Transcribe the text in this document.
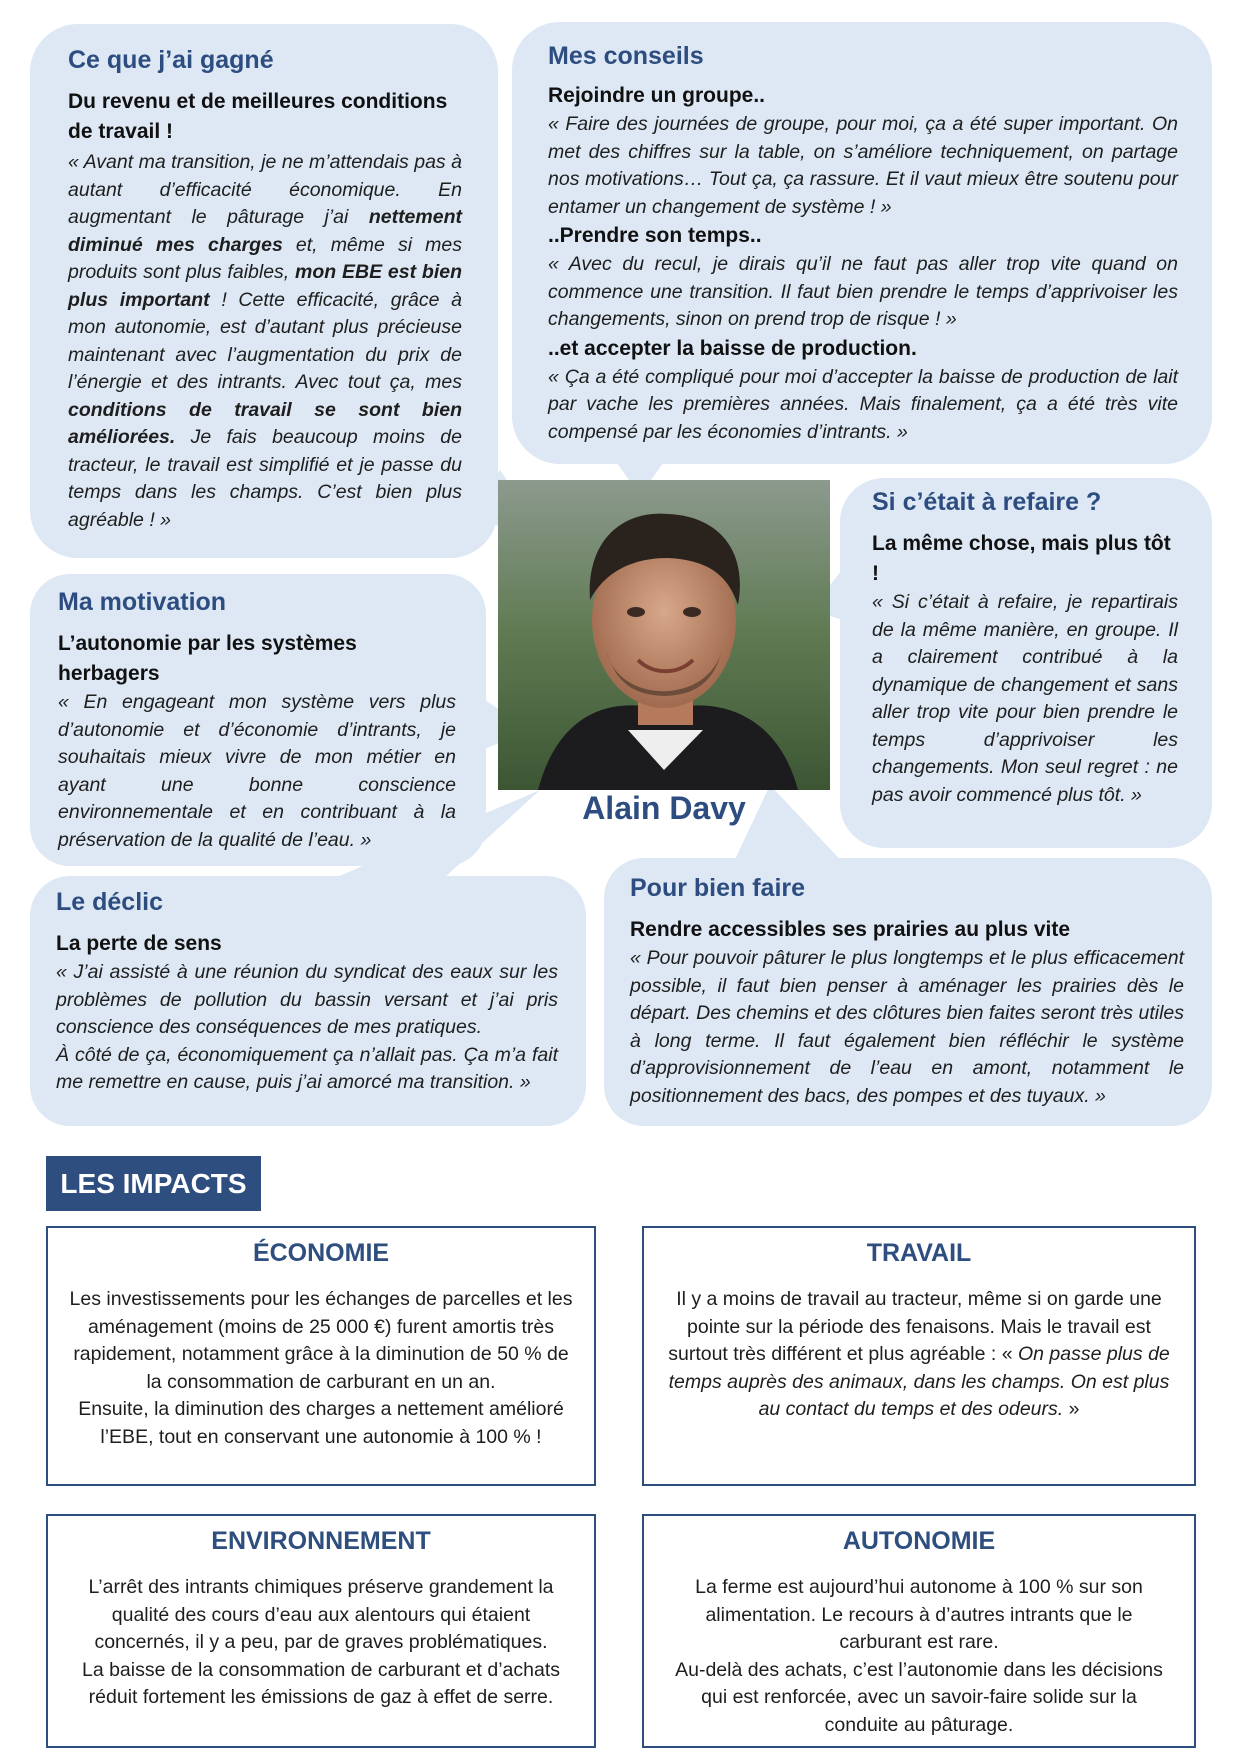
Ce que j’ai gagné
Du revenu et de meilleures conditions de travail !

« Avant ma transition, je ne m’attendais pas à autant d’efficacité économique. En augmentant le pâturage j’ai nettement diminué mes charges et, même si mes produits sont plus faibles, mon EBE est bien plus important ! Cette efficacité, grâce à mon autonomie, est d’autant plus précieuse maintenant avec l’augmentation du prix de l’énergie et des intrants. Avec tout ça, mes conditions de travail se sont bien améliorées. Je fais beaucoup moins de tracteur, le travail est simplifié et je passe du temps dans les champs. C’est bien plus agréable ! »

Mes conseils
Rejoindre un groupe..

« Faire des journées de groupe, pour moi, ça a été super important. On met des chiffres sur la table, on s’améliore techniquement, on partage nos motivations… Tout ça, ça rassure. Et il vaut mieux être soutenu pour entamer un changement de système ! »

..Prendre son temps..

« Avec du recul, je dirais qu’il ne faut pas aller trop vite quand on commence une transition. Il faut bien prendre le temps d’apprivoiser les changements, sinon on prend trop de risque ! »

..et accepter la baisse de production.

« Ça a été compliqué pour moi d’accepter la baisse de production de lait par vache les premières années. Mais finalement, ça a été très vite compensé par les économies d’intrants. »

Alain Davy
Si c’était à refaire ?
La même chose, mais plus tôt !

« Si c’était à refaire, je repartirais de la même manière, en groupe. Il a clairement contribué à la dynamique de changement et sans aller trop vite pour bien prendre le temps d’apprivoiser les changements. Mon seul regret : ne pas avoir commencé plus tôt. »

Ma motivation
L’autonomie par les systèmes herbagers

« En engageant mon système vers plus d’autonomie et d’économie d’intrants, je souhaitais mieux vivre de mon métier en ayant une bonne conscience environnementale et en contribuant à la préservation de la qualité de l’eau. »

Le déclic
La perte de sens

« J’ai assisté à une réunion du syndicat des eaux sur les problèmes de pollution du bassin versant et j’ai pris conscience des conséquences de mes pratiques.
À côté de ça, économiquement ça n’allait pas. Ça m’a fait me remettre en cause, puis j’ai amorcé ma transition. »

Pour bien faire
Rendre accessibles ses prairies au plus vite

« Pour pouvoir pâturer le plus longtemps et le plus efficacement possible, il faut bien penser à aménager les prairies dès le départ. Des chemins et des clôtures bien faites seront très utiles à long terme. Il faut également bien réfléchir le système d’approvisionnement de l’eau en amont, notamment le positionnement des bacs, des pompes et des tuyaux. »

LES IMPACTS
ÉCONOMIE

Les investissements pour les échanges de parcelles et les aménagement (moins de 25 000 €) furent amortis très rapidement, notamment grâce à la diminution de 50 % de la consommation de carburant en un an.
Ensuite, la diminution des charges a nettement amélioré l’EBE, tout en conservant une autonomie à 100 % !

TRAVAIL

Il y a moins de travail au tracteur, même si on garde une pointe sur la période des fenaisons. Mais le travail est surtout très différent et plus agréable : « On passe plus de temps auprès des animaux, dans les champs. On est plus au contact du temps et des odeurs. »

ENVIRONNEMENT

L’arrêt des intrants chimiques préserve grandement la qualité des cours d’eau aux alentours qui étaient concernés, il y a peu, par de graves problématiques.
La baisse de la consommation de carburant et d’achats réduit fortement les émissions de gaz à effet de serre.

AUTONOMIE

La ferme est aujourd’hui autonome à 100 % sur son alimentation. Le recours à d’autres intrants que le carburant est rare.
Au-delà des achats, c’est l’autonomie dans les décisions qui est renforcée, avec un savoir-faire solide sur la conduite au pâturage.
